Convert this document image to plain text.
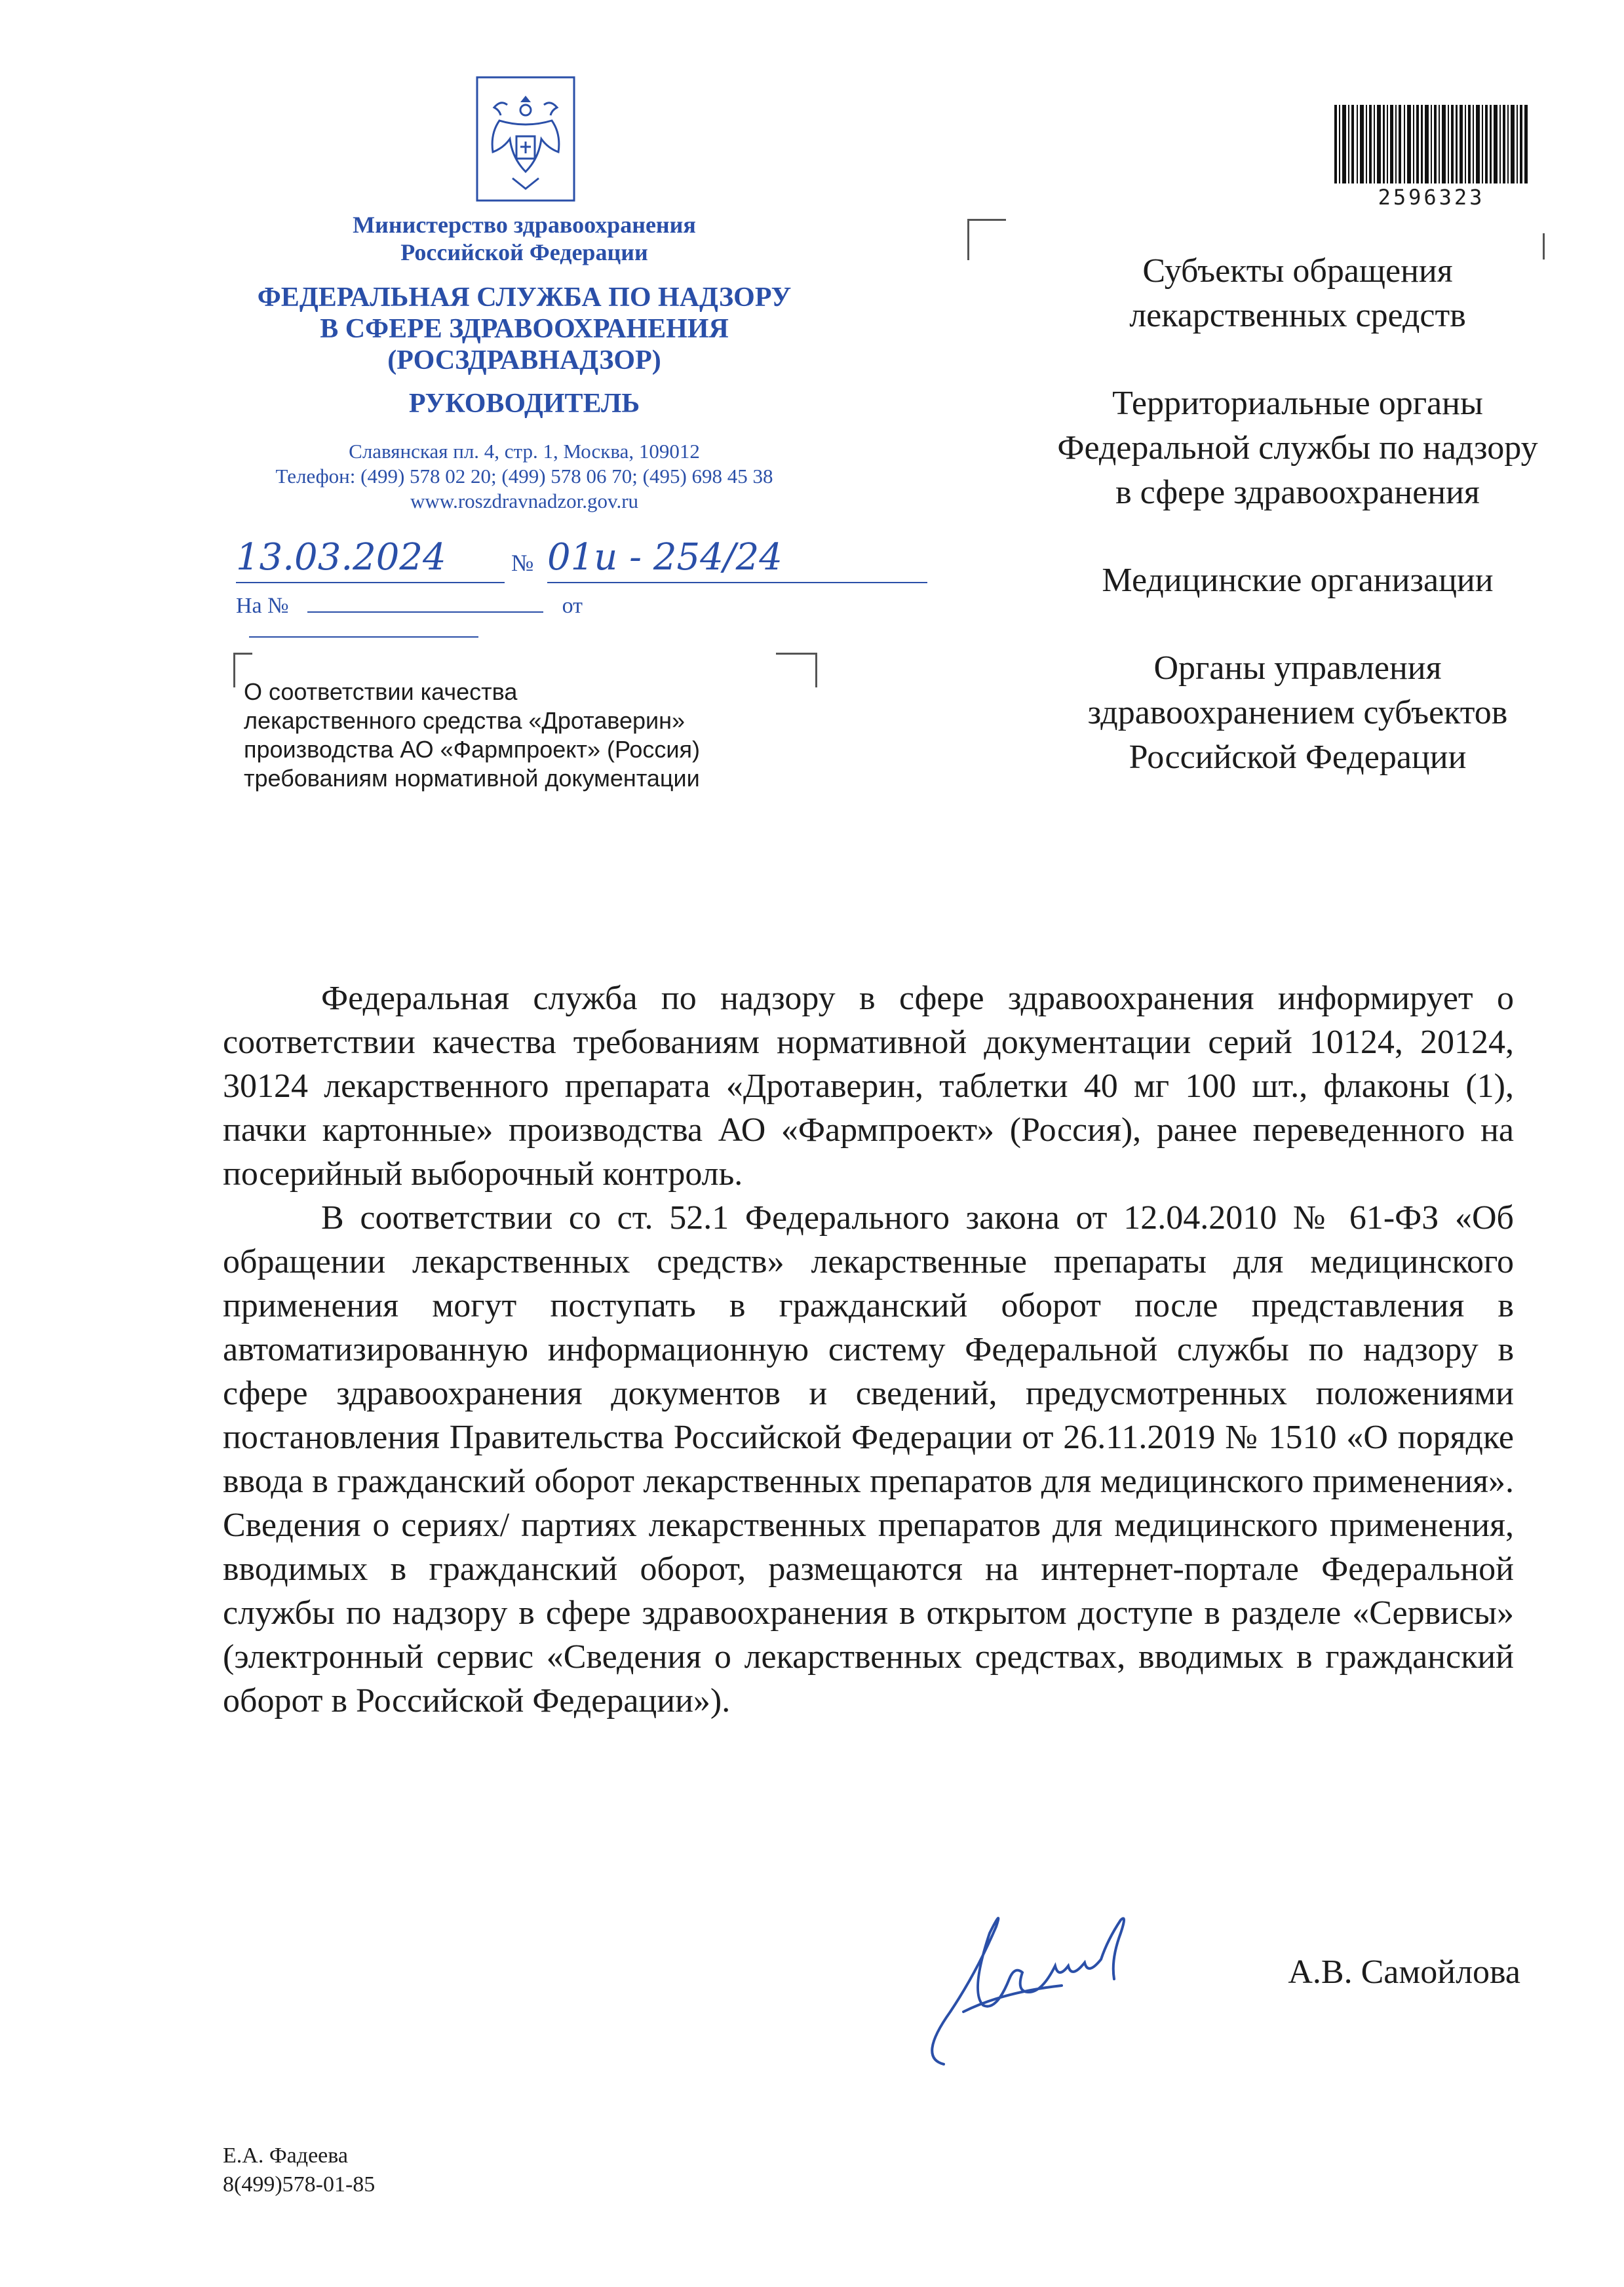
Министерство здравоохранения
Российской Федерации
ФЕДЕРАЛЬНАЯ СЛУЖБА ПО НАДЗОРУ
В СФЕРЕ ЗДРАВООХРАНЕНИЯ
(РОСЗДРАВНАДЗОР)
РУКОВОДИТЕЛЬ
Славянская пл. 4, стр. 1, Москва, 109012
Телефон: (499) 578 02 20; (499) 578 06 70; (495) 698 45 38
www.roszdravnadzor.gov.ru
13.03.2024	№ 01и - 254/24
На №	от
О соответствии качества
лекарственного средства «Дротаверин»
производства АО «Фармпроект» (Россия)
требованиям нормативной документации
2596323

Субъекты обращения
лекарственных средств

Территориальные органы
Федеральной службы по надзору
в сфере здравоохранения

Медицинские организации

Органы управления
здравоохранением субъектов
Российской Федерации

Федеральная служба по надзору в сфере здравоохранения информирует о соответствии качества требованиям нормативной документации серий 10124, 20124, 30124 лекарственного препарата «Дротаверин, таблетки 40 мг 100 шт., флаконы (1), пачки картонные» производства АО «Фармпроект» (Россия), ранее переведенного на посерийный выборочный контроль.

В соответствии со ст. 52.1 Федерального закона от 12.04.2010 № 61-ФЗ «Об обращении лекарственных средств» лекарственные препараты для медицинского применения могут поступать в гражданский оборот после представления в автоматизированную информационную систему Федеральной службы по надзору в сфере здравоохранения документов и сведений, предусмотренных положениями постановления Правительства Российской Федерации от 26.11.2019 № 1510 «О порядке ввода в гражданский оборот лекарственных препаратов для медицинского применения». Сведения о сериях/ партиях лекарственных препаратов для медицинского применения, вводимых в гражданский оборот, размещаются на интернет-портале Федеральной службы по надзору в сфере здравоохранения в открытом доступе в разделе «Сервисы» (электронный сервис «Сведения о лекарственных средствах, вводимых в гражданский оборот в Российской Федерации»).

А.В. Самойлова
Е.А. Фадеева
8(499)578-01-85
